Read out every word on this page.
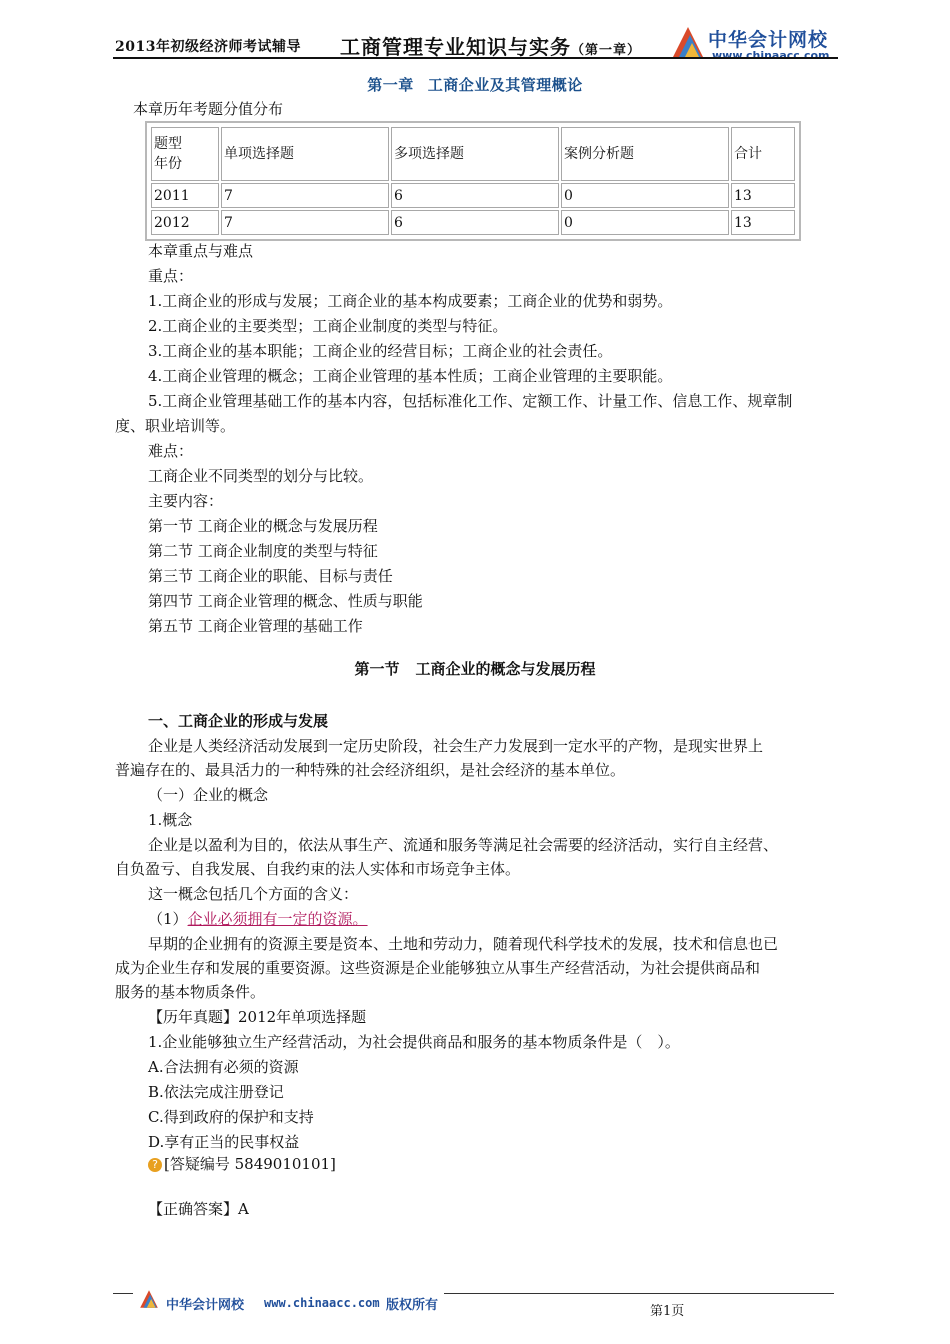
2013年初级经济师考试辅导 工商管理专业知识与实务（第一章）	中华会计网校
www.chinaacc.com
第一章 工商企业及其管理概论
本章历年考题分值分布
题型
年份	单项选择题	多项选择题	案例分析题	合计
2011	7	6	0	13
2012	7	6	0	13
本章重点与难点
重点：
1.工商企业的形成与发展；工商企业的基本构成要素；工商企业的优势和弱势。
2.工商企业的主要类型；工商企业制度的类型与特征。
3.工商企业的基本职能；工商企业的经营目标；工商企业的社会责任。
4.工商企业管理的概念；工商企业管理的基本性质；工商企业管理的主要职能。
5.工商企业管理基础工作的基本内容，包括标准化工作、定额工作、计量工作、信息工作、规章制
度、职业培训等。
难点：
工商企业不同类型的划分与比较。
主要内容：
第一节 工商企业的概念与发展历程
第二节 工商企业制度的类型与特征
第三节 工商企业的职能、目标与责任
第四节 工商企业管理的概念、性质与职能
第五节 工商企业管理的基础工作
第一节 工商企业的概念与发展历程
一、工商企业的形成与发展
企业是人类经济活动发展到一定历史阶段，社会生产力发展到一定水平的产物，是现实世界上
普遍存在的、最具活力的一种特殊的社会经济组织，是社会经济的基本单位。
（一）企业的概念
1.概念
企业是以盈利为目的，依法从事生产、流通和服务等满足社会需要的经济活动，实行自主经营、
自负盈亏、自我发展、自我约束的法人实体和市场竞争主体。
这一概念包括几个方面的含义：
（1）企业必须拥有一定的资源。
早期的企业拥有的资源主要是资本、土地和劳动力，随着现代科学技术的发展，技术和信息也已
成为企业生存和发展的重要资源。这些资源是企业能够独立从事生产经营活动，为社会提供商品和
服务的基本物质条件。
【历年真题】2012年单项选择题
1.企业能够独立生产经营活动，为社会提供商品和服务的基本物质条件是（　）。
A.合法拥有必须的资源
B.依法完成注册登记
C.得到政府的保护和支持
D.享有正当的民事权益
? [答疑编号 5849010101]
【正确答案】A
中华会计网校 www.chinaacc.com 版权所有	第1页
